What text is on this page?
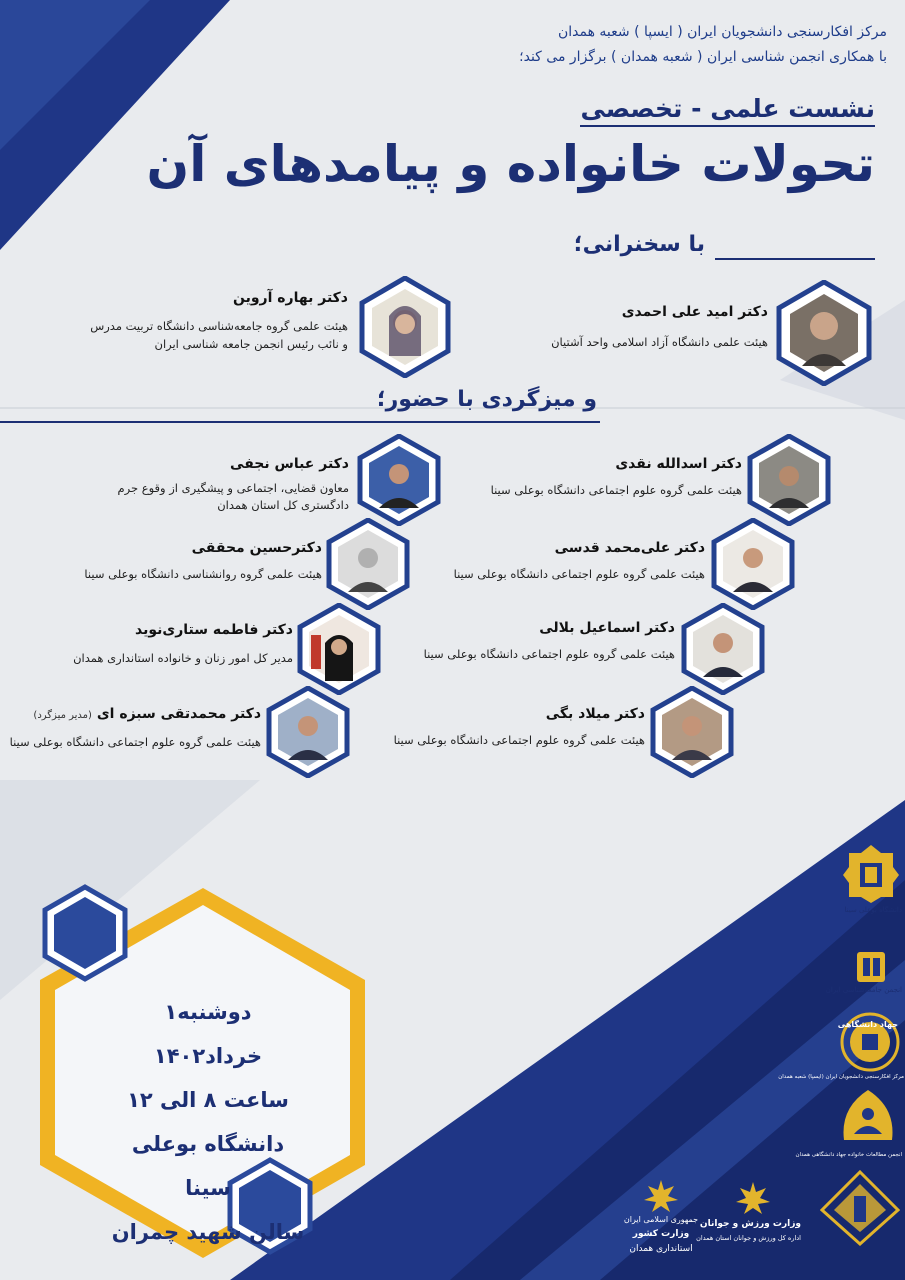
مرکز افکارسنجی دانشجویان ایران ( ایسپا ) شعبه همدان
با همکاری انجمن شناسی ایران ( شعبه همدان ) برگزار می کند؛
نشست علمی - تخصصی
تحولات خانواده و پیامدهای آن
با سخنرانی؛
دکتر امید علی احمدی
هیئت علمی دانشگاه آزاد اسلامی واحد آشتیان
دکتر بهاره آروین
هیئت علمی گروه جامعه‌شناسی دانشگاه تربیت مدرس
و نائب رئیس انجمن جامعه شناسی ایران
و میزگردی با حضور؛
دکتر اسدالله نقدی
هیئت علمی گروه علوم اجتماعی دانشگاه بوعلی سینا
دکتر علی‌محمد قدسی
هیئت علمی گروه علوم اجتماعی دانشگاه بوعلی سینا
دکتر اسماعیل بلالی
هیئت علمی گروه علوم اجتماعی دانشگاه بوعلی سینا
دکتر میلاد بگی
هیئت علمی گروه علوم اجتماعی دانشگاه بوعلی سینا
دکتر عباس نجفی
معاون قضایی، اجتماعی و پیشگیری از وقوع جرم
دادگستری کل استان همدان
دکترحسین محققی
هیئت علمی گروه روانشناسی دانشگاه بوعلی سینا
دکتر فاطمه ستاری‌نوید
مدیر کل امور زنان و خانواده استانداری همدان
دکتر محمدتقی سبزه ای (مدیر میزگرد)
هیئت علمی گروه علوم اجتماعی دانشگاه بوعلی سینا
دوشنبه۱ خرداد۱۴۰۲
ساعت ۸ الی ۱۲
دانشگاه بوعلی سینا
سالن شهید چمران
دانشگاه بوعلی سینا
انجمن جامعه‌شناسی ایران
جهاد دانشگاهی
مرکز افکارسنجی دانشجویان ایران (ایسپا) شعبه همدان
انجمن مطالعات خانواده جهاد دانشگاهی همدان
وزارت ورزش و جوانان
اداره کل ورزش و جوانان استان همدان
جمهوری اسلامی ایران
وزارت کشور
استانداری همدان
